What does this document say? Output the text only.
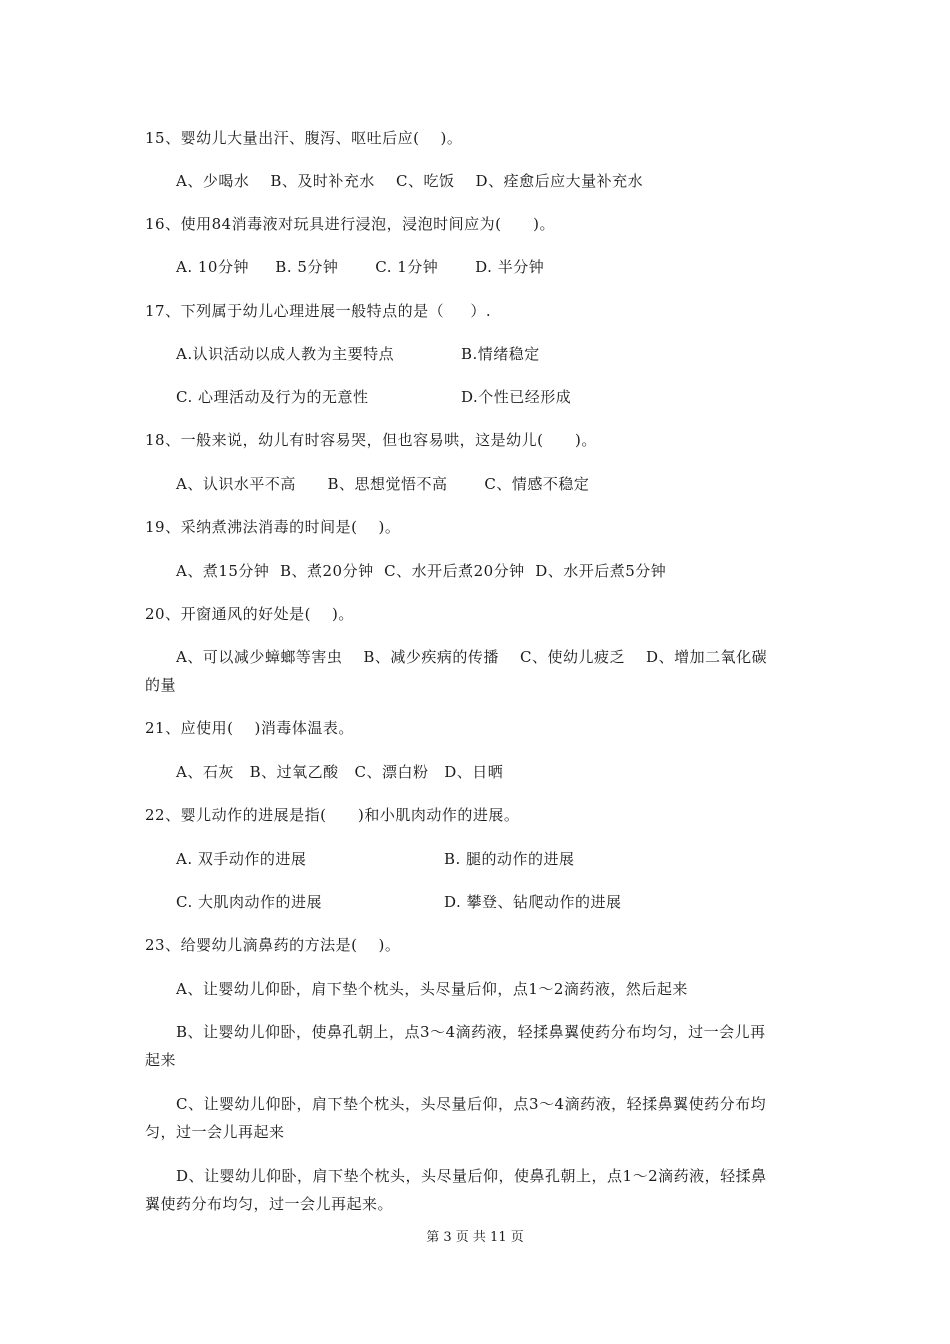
15、婴幼儿大量出汗、腹泻、呕吐后应(    )。
A、少喝水    B、及时补充水    C、吃饭    D、痊愈后应大量补充水
16、使用84消毒液对玩具进行浸泡，浸泡时间应为(      )。
A. 10分钟     B. 5分钟       C. 1分钟       D. 半分钟
17、下列属于幼儿心理进展一般特点的是（     ）.
A.认识活动以成人教为主要特点	B.情绪稳定
C. 心理活动及行为的无意性	D.个性已经形成
18、一般来说，幼儿有时容易哭，但也容易哄，这是幼儿(      )。
A、认识水平不高      B、思想觉悟不高       C、情感不稳定
19、采纳煮沸法消毒的时间是(    )。
A、煮15分钟  B、煮20分钟  C、水开后煮20分钟  D、水开后煮5分钟
20、开窗通风的好处是(    )。
A、可以减少蟑螂等害虫    B、减少疾病的传播    C、使幼儿疲乏    D、增加二氧化碳
的量
21、应使用(    )消毒体温表。
A、石灰   B、过氧乙酸   C、漂白粉   D、日晒
22、婴儿动作的进展是指(      )和小肌肉动作的进展。
A. 双手动作的进展	B. 腿的动作的进展
C. 大肌肉动作的进展	D. 攀登、钻爬动作的进展
23、给婴幼儿滴鼻药的方法是(    )。
A、让婴幼儿仰卧，肩下垫个枕头，头尽量后仰，点1～2滴药液，然后起来
B、让婴幼儿仰卧，使鼻孔朝上，点3～4滴药液，轻揉鼻翼使药分布均匀，过一会儿再
起来
C、让婴幼儿仰卧，肩下垫个枕头，头尽量后仰，点3～4滴药液，轻揉鼻翼使药分布均
匀，过一会儿再起来
D、让婴幼儿仰卧，肩下垫个枕头，头尽量后仰，使鼻孔朝上，点1～2滴药液，轻揉鼻
翼使药分布均匀，过一会儿再起来。
第 3 页 共 11 页
